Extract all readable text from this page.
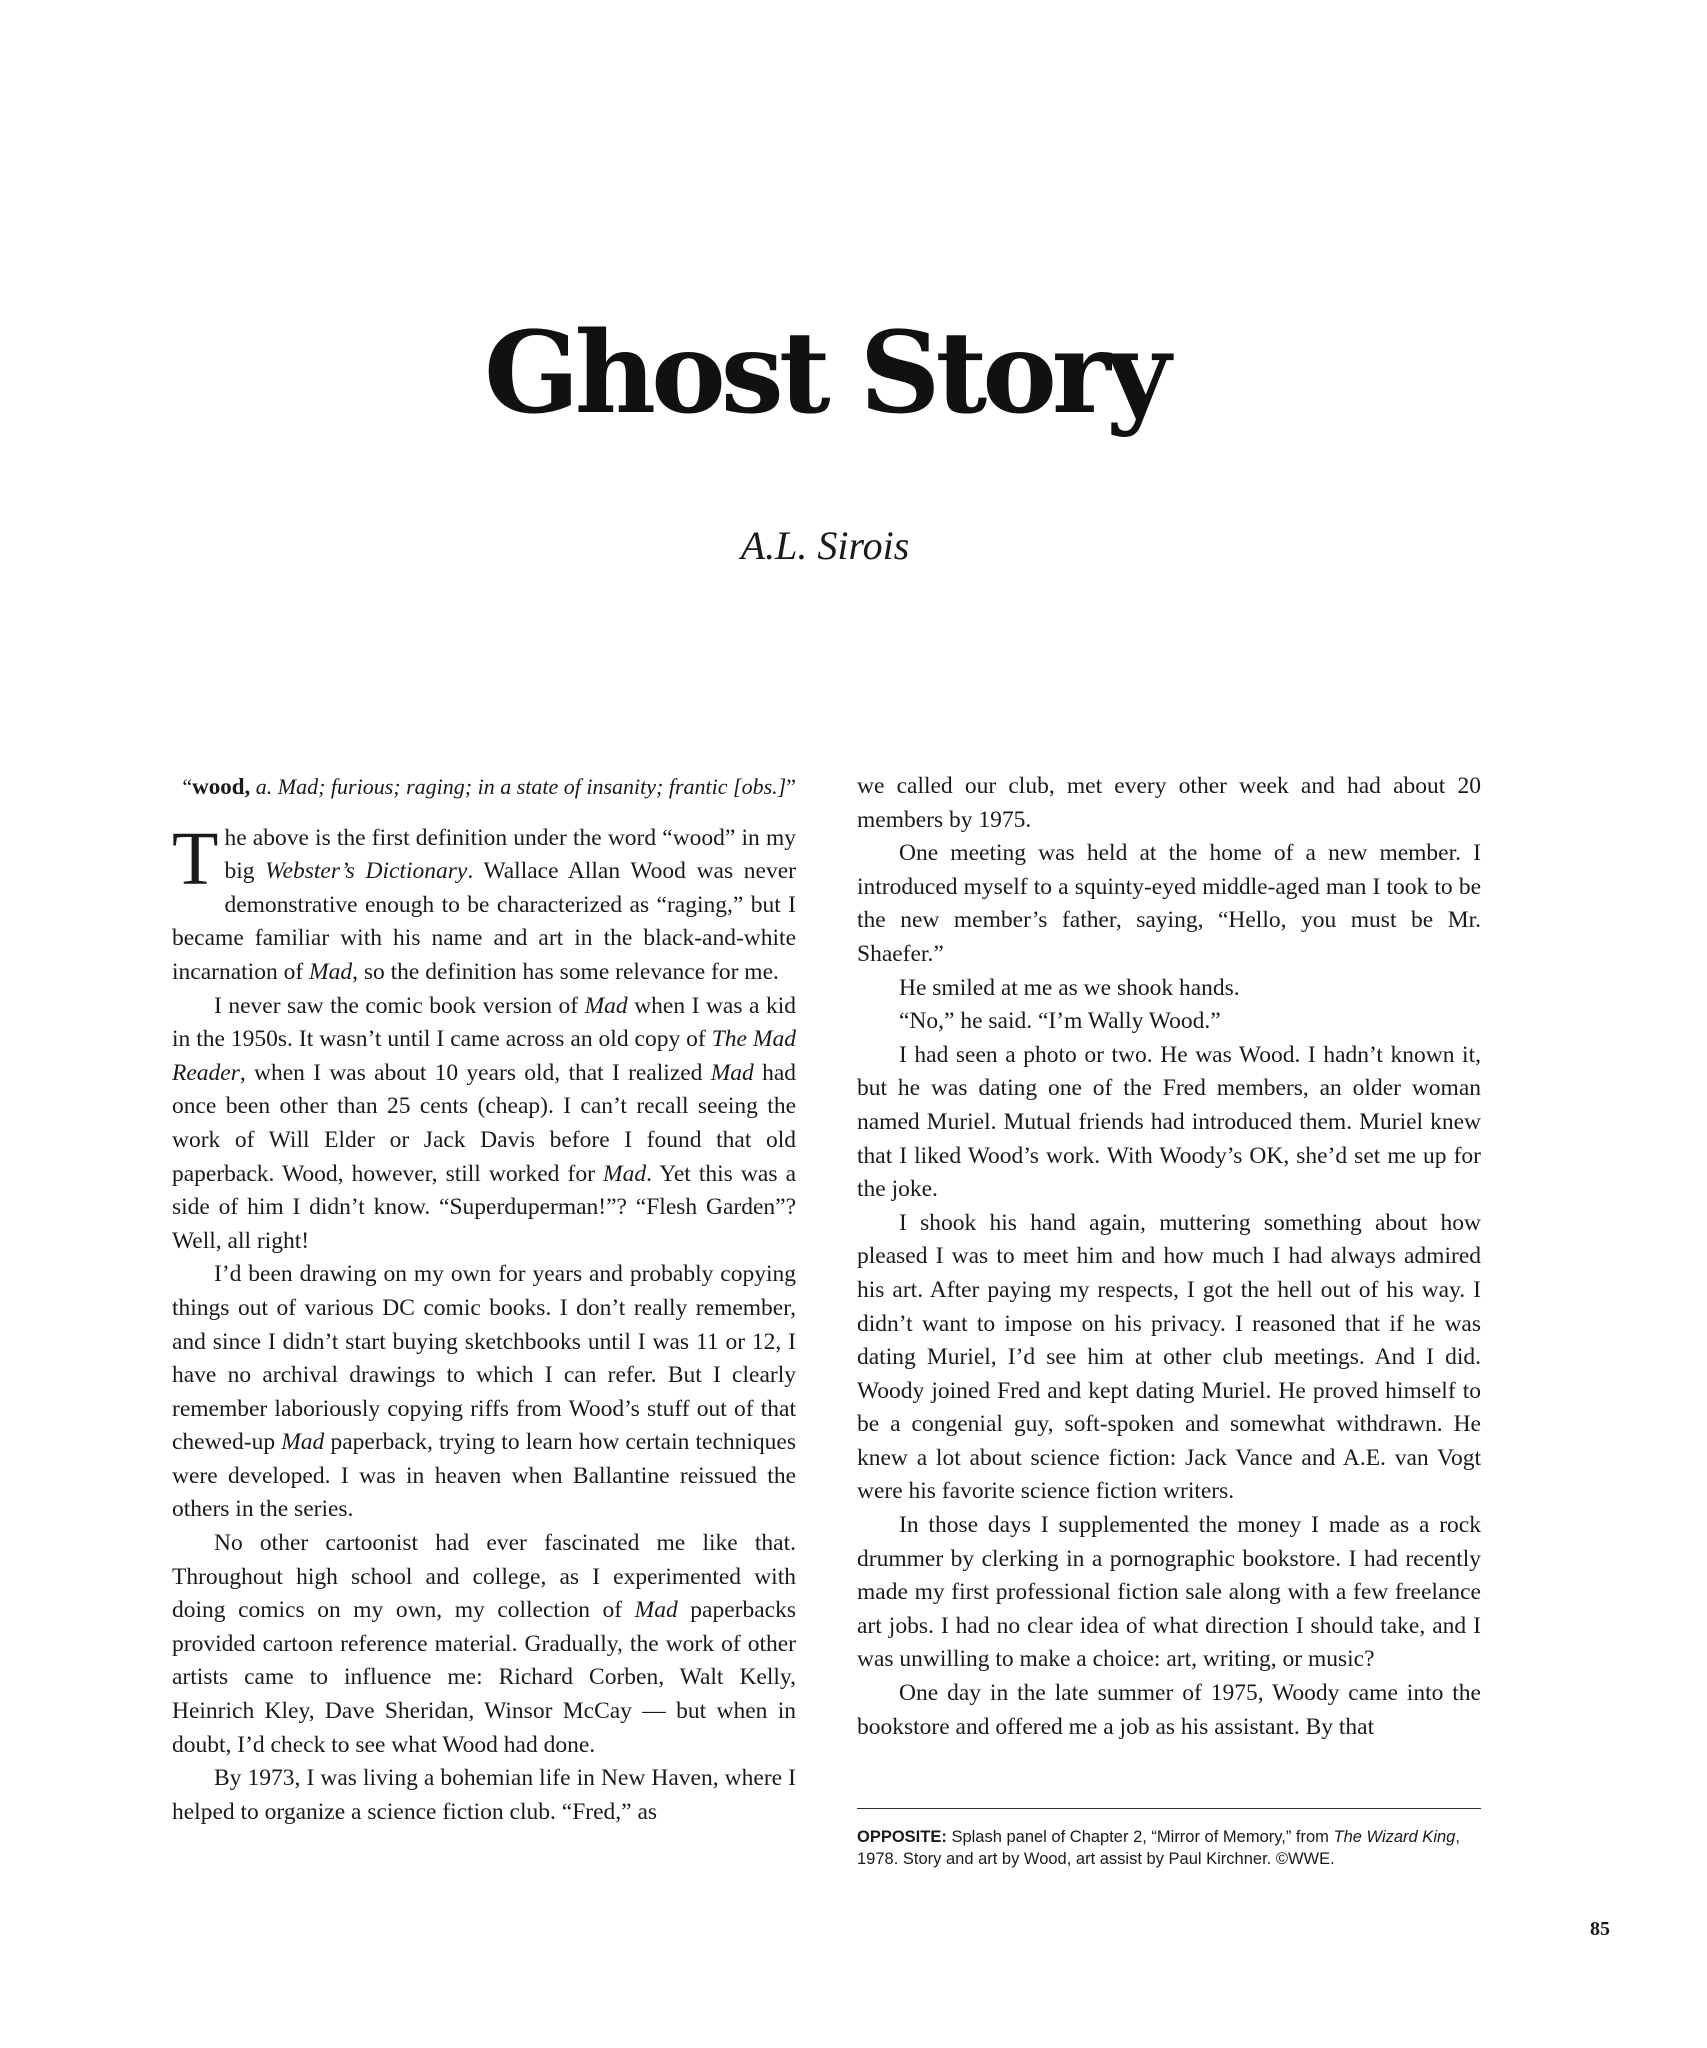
Ghost Story
A.L. Sirois
“wood, a. Mad; furious; raging; in a state of insanity; frantic [obs.]”

The above is the first definition under the word “wood” in my big Webster’s Dictionary. Wallace Allan Wood was never demonstrative enough to be characterized as “raging,” but I became familiar with his name and art in the black-and-white incarnation of Mad, so the definition has some relevance for me.

I never saw the comic book version of Mad when I was a kid in the 1950s. It wasn’t until I came across an old copy of The Mad Reader, when I was about 10 years old, that I realized Mad had once been other than 25 cents (cheap). I can’t recall seeing the work of Will Elder or Jack Davis before I found that old paperback. Wood, however, still worked for Mad. Yet this was a side of him I didn’t know. “Superduperman!”? “Flesh Garden”? Well, all right!

I’d been drawing on my own for years and probably copying things out of various DC comic books. I don’t really remember, and since I didn’t start buying sketchbooks until I was 11 or 12, I have no archival drawings to which I can refer. But I clearly remember laboriously copying riffs from Wood’s stuff out of that chewed-up Mad paperback, trying to learn how certain techniques were developed. I was in heaven when Ballantine reissued the others in the series.

No other cartoonist had ever fascinated me like that. Throughout high school and college, as I experimented with doing comics on my own, my collection of Mad paperbacks provided cartoon reference material. Gradually, the work of other artists came to influence me: Richard Corben, Walt Kelly, Heinrich Kley, Dave Sheridan, Winsor McCay — but when in doubt, I’d check to see what Wood had done.

By 1973, I was living a bohemian life in New Haven, where I helped to organize a science fiction club. “Fred,” as

we called our club, met every other week and had about 20 members by 1975.

One meeting was held at the home of a new member. I introduced myself to a squinty-eyed middle-aged man I took to be the new member’s father, saying, “Hello, you must be Mr. Shaefer.”

He smiled at me as we shook hands.

“No,” he said. “I’m Wally Wood.”

I had seen a photo or two. He was Wood. I hadn’t known it, but he was dating one of the Fred members, an older woman named Muriel. Mutual friends had introduced them. Muriel knew that I liked Wood’s work. With Woody’s OK, she’d set me up for the joke.

I shook his hand again, muttering something about how pleased I was to meet him and how much I had always admired his art. After paying my respects, I got the hell out of his way. I didn’t want to impose on his privacy. I reasoned that if he was dating Muriel, I’d see him at other club meetings. And I did. Woody joined Fred and kept dating Muriel. He proved himself to be a congenial guy, soft-spoken and somewhat withdrawn. He knew a lot about science fiction: Jack Vance and A.E. van Vogt were his favorite science fiction writers.

In those days I supplemented the money I made as a rock drummer by clerking in a pornographic bookstore. I had recently made my first professional fiction sale along with a few freelance art jobs. I had no clear idea of what direction I should take, and I was unwilling to make a choice: art, writing, or music?

One day in the late summer of 1975, Woody came into the bookstore and offered me a job as his assistant. By that

OPPOSITE: Splash panel of Chapter 2, “Mirror of Memory,” from The Wizard King, 1978. Story and art by Wood, art assist by Paul Kirchner. ©WWE.
85
